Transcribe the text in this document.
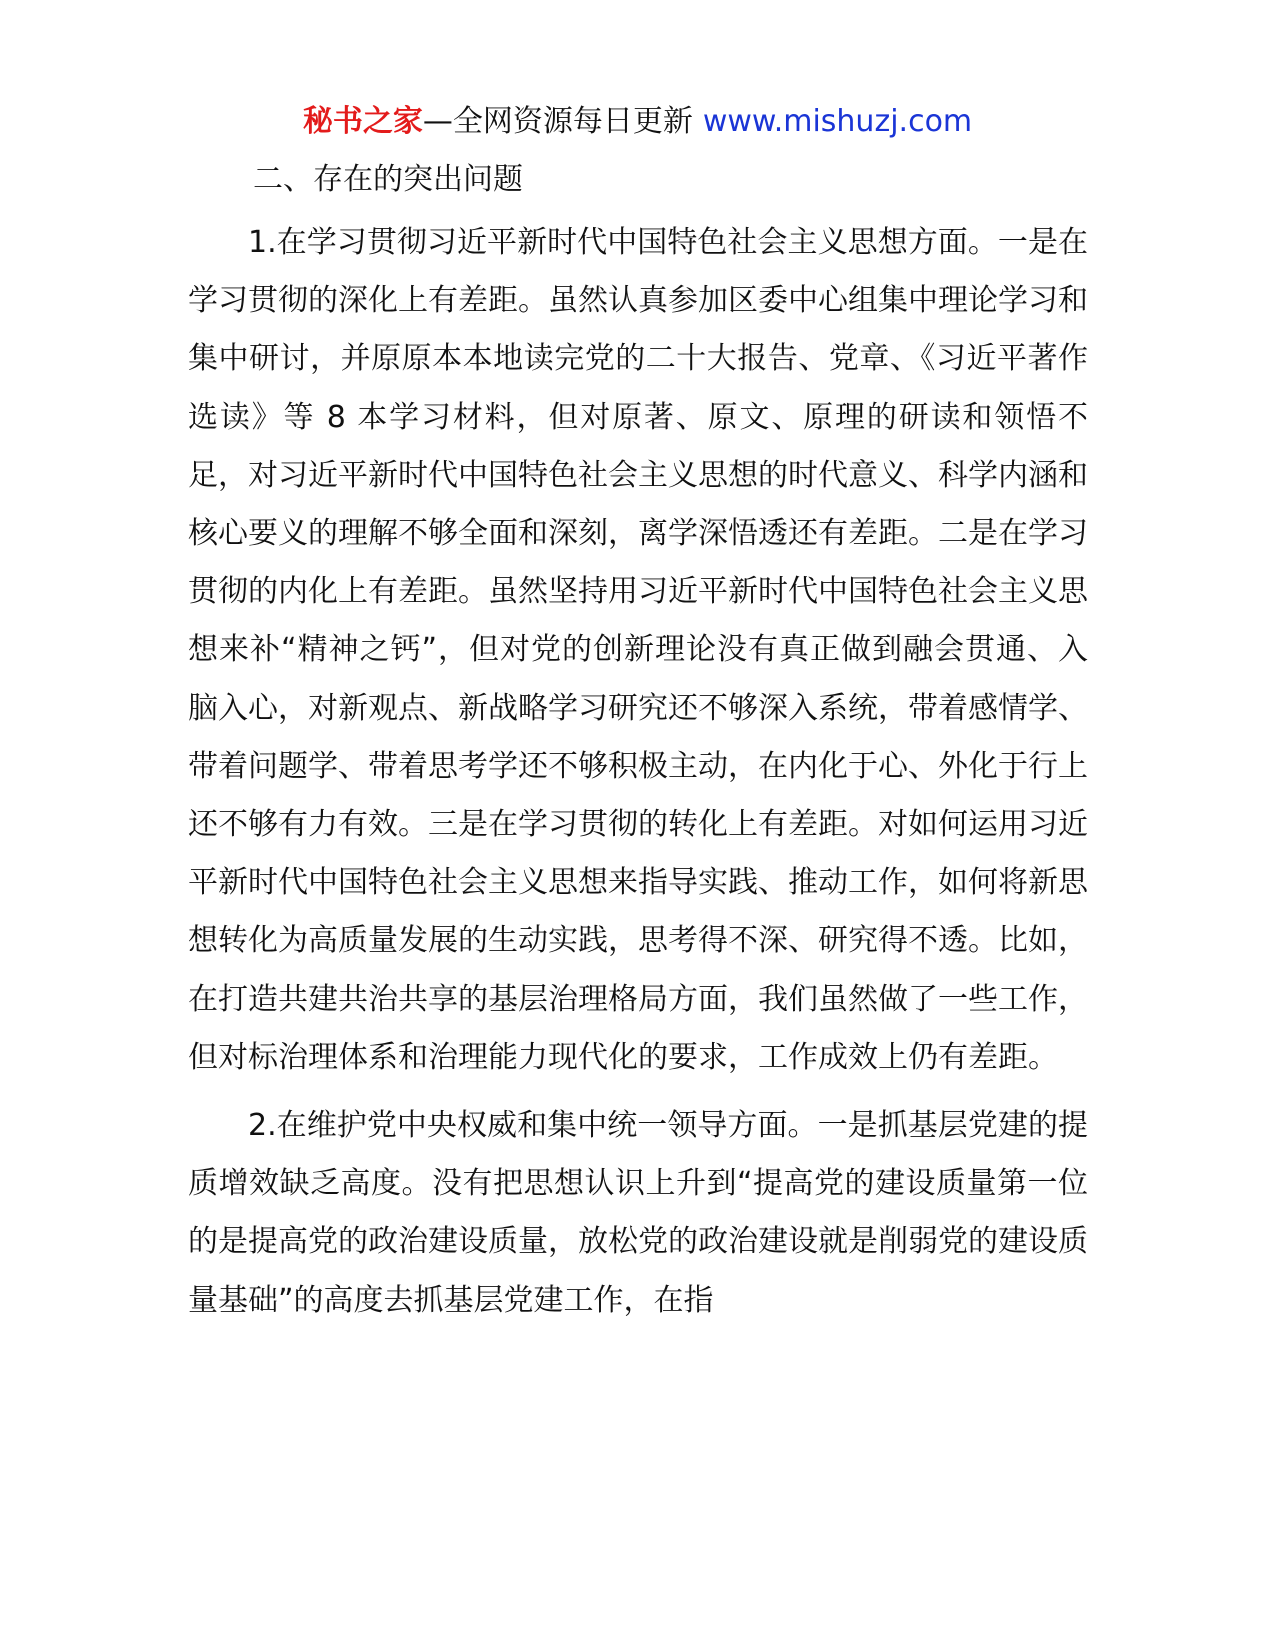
秘书之家—全网资源每日更新 www.mishuzj.com
二、存在的突出问题

1.在学习贯彻习近平新时代中国特色社会主义思想方面。一是在学习贯彻的深化上有差距。虽然认真参加区委中心组集中理论学习和集中研讨，并原原本本地读完党的二十大报告、党章、《习近平著作选读》等 8 本学习材料，但对原著、原文、原理的研读和领悟不足，对习近平新时代中国特色社会主义思想的时代意义、科学内涵和核心要义的理解不够全面和深刻，离学深悟透还有差距。二是在学习贯彻的内化上有差距。虽然坚持用习近平新时代中国特色社会主义思想来补“精神之钙”，但对党的创新理论没有真正做到融会贯通、入脑入心，对新观点、新战略学习研究还不够深入系统，带着感情学、带着问题学、带着思考学还不够积极主动，在内化于心、外化于行上还不够有力有效。三是在学习贯彻的转化上有差距。对如何运用习近平新时代中国特色社会主义思想来指导实践、推动工作，如何将新思想转化为高质量发展的生动实践，思考得不深、研究得不透。比如，在打造共建共治共享的基层治理格局方面，我们虽然做了一些工作，但对标治理体系和治理能力现代化的要求，工作成效上仍有差距。

2.在维护党中央权威和集中统一领导方面。一是抓基层党建的提质增效缺乏高度。没有把思想认识上升到“提高党的建设质量第一位的是提高党的政治建设质量，放松党的政治建设就是削弱党的建设质量基础”的高度去抓基层党建工作，在指
